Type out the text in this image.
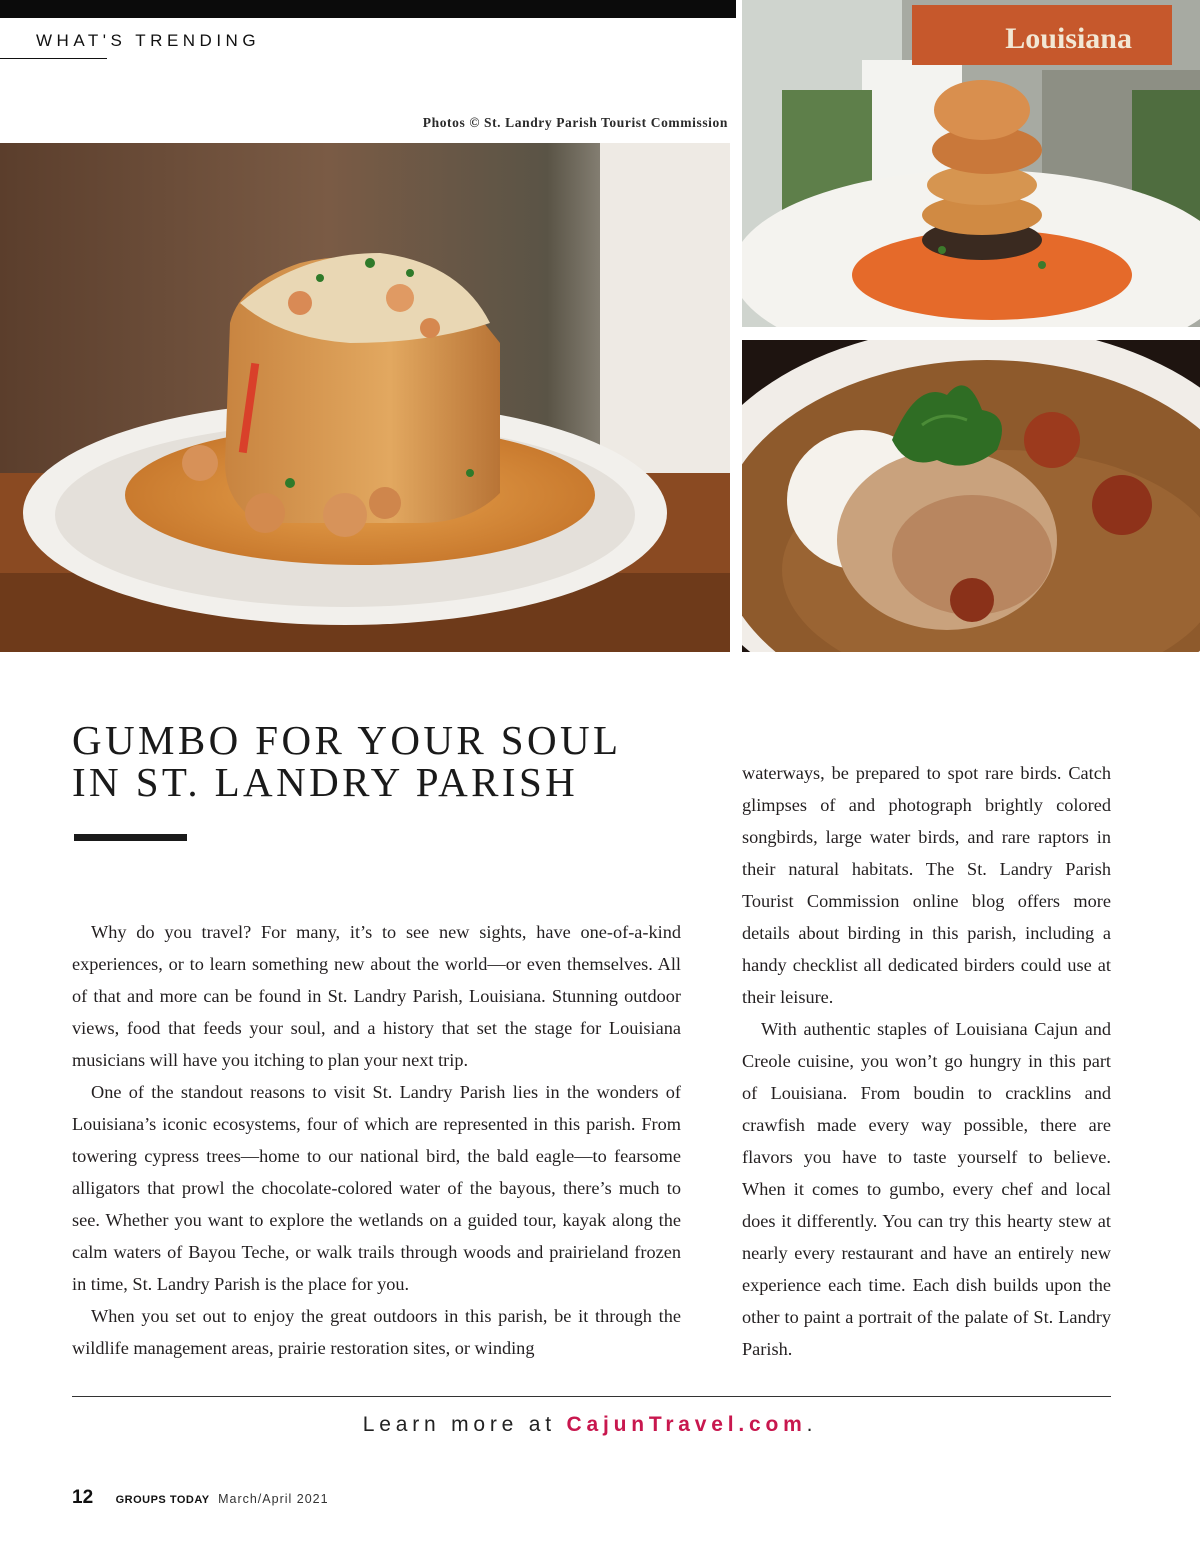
WHAT'S TRENDING
Photos © St. Landry Parish Tourist Commission
Louisiana
GUMBO FOR YOUR SOUL
IN ST. LANDRY PARISH

Why do you travel? For many, it’s to see new sights, have one-of-a-kind experiences, or to learn something new about the world—or even themselves. All of that and more can be found in St. Landry Parish, Louisiana. Stunning outdoor views, food that feeds your soul, and a history that set the stage for Louisiana musicians will have you itching to plan your next trip.

One of the standout reasons to visit St. Landry Parish lies in the wonders of Louisiana’s iconic ecosystems, four of which are represented in this parish. From towering cypress trees—home to our national bird, the bald eagle—to fearsome alligators that prowl the chocolate-colored water of the bayous, there’s much to see. Whether you want to explore the wetlands on a guided tour, kayak along the calm waters of Bayou Teche, or walk trails through woods and prairieland frozen in time, St. Landry Parish is the place for you.

When you set out to enjoy the great outdoors in this parish, be it through the wildlife management areas, prairie restoration sites, or winding

waterways, be prepared to spot rare birds. Catch glimpses of and photograph brightly colored songbirds, large water birds, and rare raptors in their natural habitats. The St. Landry Parish Tourist Commission online blog offers more details about birding in this parish, including a handy checklist all dedicated birders could use at their leisure.

With authentic staples of Louisiana Cajun and Creole cuisine, you won’t go hungry in this part of Louisiana. From boudin to cracklins and crawfish made every way possible, there are flavors you have to taste yourself to believe. When it comes to gumbo, every chef and local does it differently. You can try this hearty stew at nearly every restaurant and have an entirely new experience each time. Each dish builds upon the other to paint a portrait of the palate of St. Landry Parish.

Learn more at CajunTravel.com.
12 GROUPS TODAY March/April 2021
